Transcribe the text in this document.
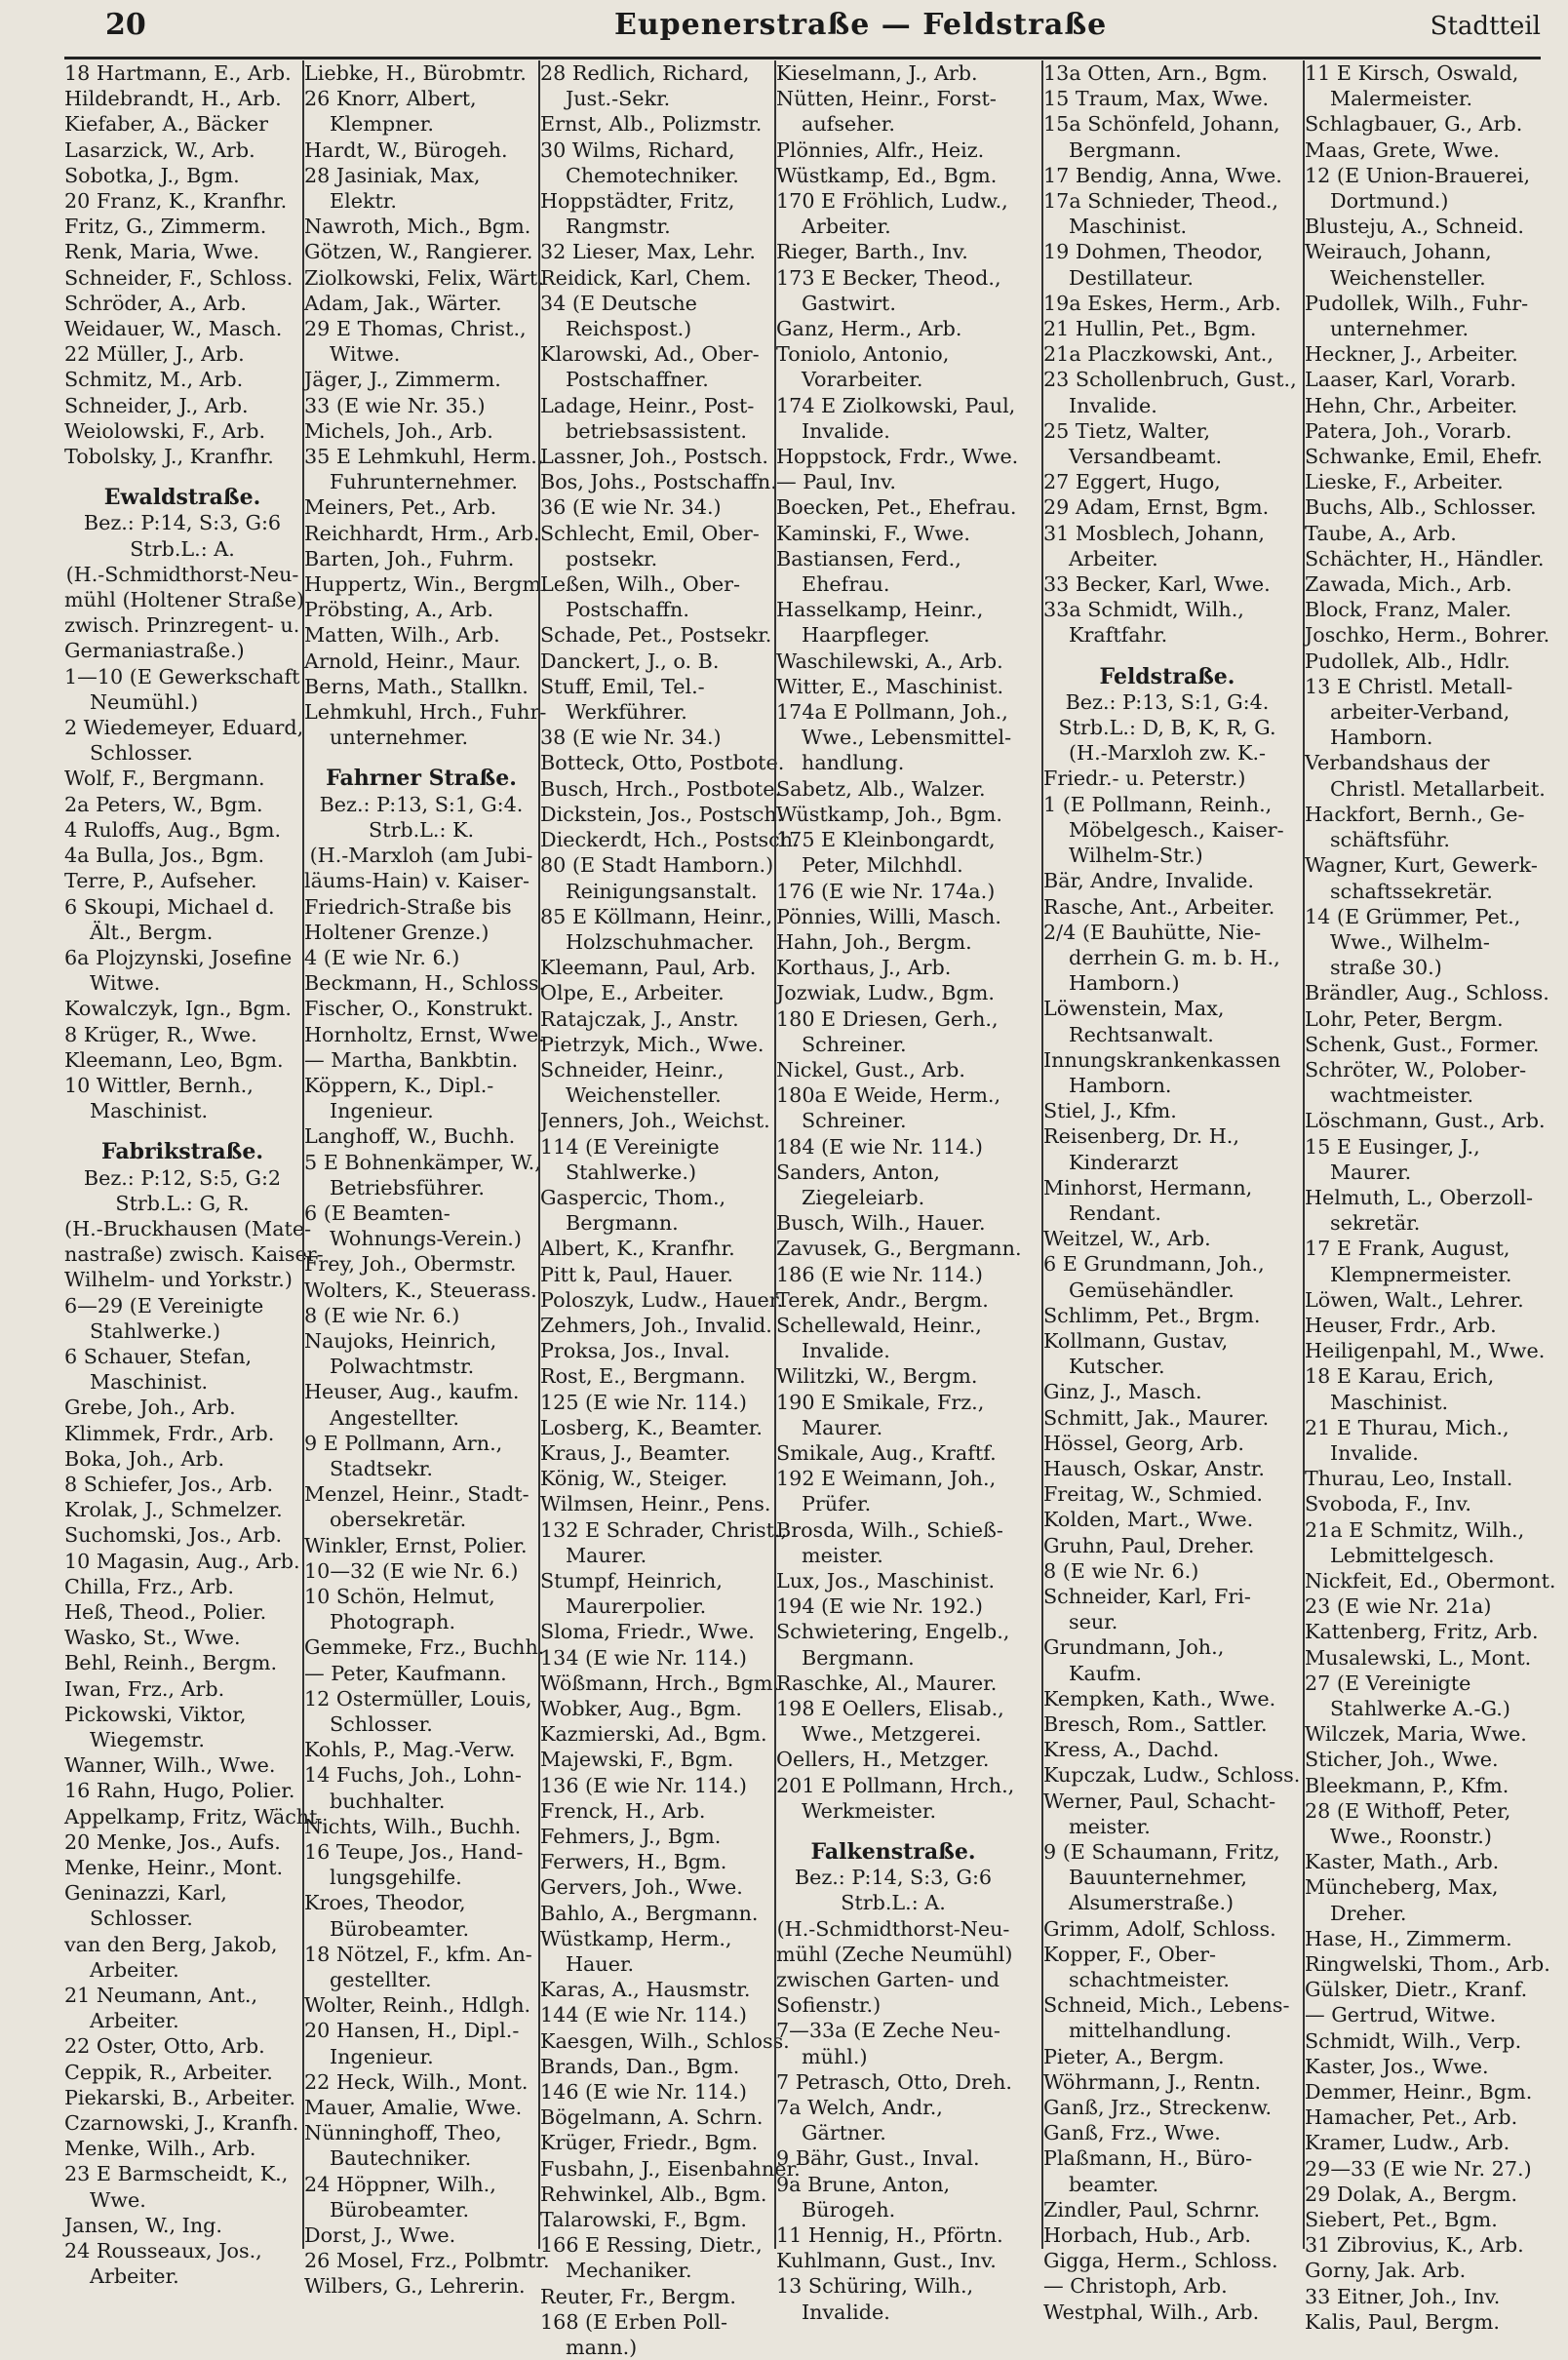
20	Eupenerstraße — Feldstraße	Stadtteil
18 Hartmann, E., Arb.
Hildebrandt, H., Arb.
Kiefaber, A., Bäcker
Lasarzick, W., Arb.
Sobotka, J., Bgm.
20 Franz, K., Kranfhr.
Fritz, G., Zimmerm.
Renk, Maria, Wwe.
Schneider, F., Schloss.
Schröder, A., Arb.
Weidauer, W., Masch.
22 Müller, J., Arb.
Schmitz, M., Arb.
Schneider, J., Arb.
Weiolowski, F., Arb.
Tobolsky, J., Kranfhr.
Ewaldstraße.
Bez.: P:14, S:3, G:6
Strb.L.: A.
(H.-Schmidthorst-Neu-
mühl (Holtener Straße)
zwisch. Prinzregent- u.
Germaniastraße.)
1—10 (E Gewerkschaft
Neumühl.)
2 Wiedemeyer, Eduard,
Schlosser.
Wolf, F., Bergmann.
2a Peters, W., Bgm.
4 Ruloffs, Aug., Bgm.
4a Bulla, Jos., Bgm.
Terre, P., Aufseher.
6 Skoupi, Michael d.
Ält., Bergm.
6a Plojzynski, Josefine
Witwe.
Kowalczyk, Ign., Bgm.
8 Krüger, R., Wwe.
Kleemann, Leo, Bgm.
10 Wittler, Bernh.,
Maschinist.
Fabrikstraße.
Bez.: P:12, S:5, G:2
Strb.L.: G, R.
(H.-Bruckhausen (Mate-
nastraße) zwisch. Kaiser-
Wilhelm- und Yorkstr.)
6—29 (E Vereinigte
Stahlwerke.)
6 Schauer, Stefan,
Maschinist.
Grebe, Joh., Arb.
Klimmek, Frdr., Arb.
Boka, Joh., Arb.
8 Schiefer, Jos., Arb.
Krolak, J., Schmelzer.
Suchomski, Jos., Arb.
10 Magasin, Aug., Arb.
Chilla, Frz., Arb.
Heß, Theod., Polier.
Wasko, St., Wwe.
Behl, Reinh., Bergm.
Iwan, Frz., Arb.
Pickowski, Viktor,
Wiegemstr.
Wanner, Wilh., Wwe.
16 Rahn, Hugo, Polier.
Appelkamp, Fritz, Wächt.
20 Menke, Jos., Aufs.
Menke, Heinr., Mont.
Geninazzi, Karl,
Schlosser.
van den Berg, Jakob,
Arbeiter.
21 Neumann, Ant.,
Arbeiter.
22 Oster, Otto, Arb.
Ceppik, R., Arbeiter.
Piekarski, B., Arbeiter.
Czarnowski, J., Kranfh.
Menke, Wilh., Arb.
23 E Barmscheidt, K.,
Wwe.
Jansen, W., Ing.
24 Rousseaux, Jos.,
Arbeiter.
Liebke, H., Bürobmtr.
26 Knorr, Albert,
Klempner.
Hardt, W., Bürogeh.
28 Jasiniak, Max,
Elektr.
Nawroth, Mich., Bgm.
Götzen, W., Rangierer.
Ziolkowski, Felix, Wärt.
Adam, Jak., Wärter.
29 E Thomas, Christ.,
Witwe.
Jäger, J., Zimmerm.
33 (E wie Nr. 35.)
Michels, Joh., Arb.
35 E Lehmkuhl, Herm.,
Fuhrunternehmer.
Meiners, Pet., Arb.
Reichhardt, Hrm., Arb.
Barten, Joh., Fuhrm.
Huppertz, Win., Bergm.
Pröbsting, A., Arb.
Matten, Wilh., Arb.
Arnold, Heinr., Maur.
Berns, Math., Stallkn.
Lehmkuhl, Hrch., Fuhr-
unternehmer.
Fahrner Straße.
Bez.: P:13, S:1, G:4.
Strb.L.: K.
(H.-Marxloh (am Jubi-
läums-Hain) v. Kaiser-
Friedrich-Straße bis
Holtener Grenze.)
4 (E wie Nr. 6.)
Beckmann, H., Schloss.
Fischer, O., Konstrukt.
Hornholtz, Ernst, Wwe.
— Martha, Bankbtin.
Köppern, K., Dipl.-
Ingenieur.
Langhoff, W., Buchh.
5 E Bohnenkämper, W.,
Betriebsführer.
6 (E Beamten-
Wohnungs-Verein.)
Frey, Joh., Obermstr.
Wolters, K., Steuerass.
8 (E wie Nr. 6.)
Naujoks, Heinrich,
Polwachtmstr.
Heuser, Aug., kaufm.
Angestellter.
9 E Pollmann, Arn.,
Stadtsekr.
Menzel, Heinr., Stadt-
obersekretär.
Winkler, Ernst, Polier.
10—32 (E wie Nr. 6.)
10 Schön, Helmut,
Photograph.
Gemmeke, Frz., Buchh.
— Peter, Kaufmann.
12 Ostermüller, Louis,
Schlosser.
Kohls, P., Mag.-Verw.
14 Fuchs, Joh., Lohn-
buchhalter.
Nichts, Wilh., Buchh.
16 Teupe, Jos., Hand-
lungsgehilfe.
Kroes, Theodor,
Bürobeamter.
18 Nötzel, F., kfm. An-
gestellter.
Wolter, Reinh., Hdlgh.
20 Hansen, H., Dipl.-
Ingenieur.
22 Heck, Wilh., Mont.
Mauer, Amalie, Wwe.
Nünninghoff, Theo,
Bautechniker.
24 Höppner, Wilh.,
Bürobeamter.
Dorst, J., Wwe.
26 Mosel, Frz., Polbmtr.
Wilbers, G., Lehrerin.
28 Redlich, Richard,
Just.-Sekr.
Ernst, Alb., Polizmstr.
30 Wilms, Richard,
Chemotechniker.
Hoppstädter, Fritz,
Rangmstr.
32 Lieser, Max, Lehr.
Reidick, Karl, Chem.
34 (E Deutsche
Reichspost.)
Klarowski, Ad., Ober-
Postschaffner.
Ladage, Heinr., Post-
betriebsassistent.
Lassner, Joh., Postsch.
Bos, Johs., Postschaffn.
36 (E wie Nr. 34.)
Schlecht, Emil, Ober-
postsekr.
Leßen, Wilh., Ober-
Postschaffn.
Schade, Pet., Postsekr.
Danckert, J., o. B.
Stuff, Emil, Tel.-
Werkführer.
38 (E wie Nr. 34.)
Botteck, Otto, Postbote.
Busch, Hrch., Postbote.
Dickstein, Jos., Postsch.
Dieckerdt, Hch., Postsch.
80 (E Stadt Hamborn.)
Reinigungsanstalt.
85 E Köllmann, Heinr.,
Holzschuhmacher.
Kleemann, Paul, Arb.
Olpe, E., Arbeiter.
Ratajczak, J., Anstr.
Pietrzyk, Mich., Wwe.
Schneider, Heinr.,
Weichensteller.
Jenners, Joh., Weichst.
114 (E Vereinigte
Stahlwerke.)
Gaspercic, Thom.,
Bergmann.
Albert, K., Kranfhr.
Pitt k, Paul, Hauer.
Poloszyk, Ludw., Hauer.
Zehmers, Joh., Invalid.
Proksa, Jos., Inval.
Rost, E., Bergmann.
125 (E wie Nr. 114.)
Losberg, K., Beamter.
Kraus, J., Beamter.
König, W., Steiger.
Wilmsen, Heinr., Pens.
132 E Schrader, Christ.,
Maurer.
Stumpf, Heinrich,
Maurerpolier.
Sloma, Friedr., Wwe.
134 (E wie Nr. 114.)
Wößmann, Hrch., Bgm.
Wobker, Aug., Bgm.
Kazmierski, Ad., Bgm.
Majewski, F., Bgm.
136 (E wie Nr. 114.)
Frenck, H., Arb.
Fehmers, J., Bgm.
Ferwers, H., Bgm.
Gervers, Joh., Wwe.
Bahlo, A., Bergmann.
Wüstkamp, Herm.,
Hauer.
Karas, A., Hausmstr.
144 (E wie Nr. 114.)
Kaesgen, Wilh., Schloss.
Brands, Dan., Bgm.
146 (E wie Nr. 114.)
Bögelmann, A. Schrn.
Krüger, Friedr., Bgm.
Fusbahn, J., Eisenbahner.
Rehwinkel, Alb., Bgm.
Talarowski, F., Bgm.
166 E Ressing, Dietr.,
Mechaniker.
Reuter, Fr., Bergm.
168 (E Erben Poll-
mann.)
Kieselmann, J., Arb.
Nütten, Heinr., Forst-
aufseher.
Plönnies, Alfr., Heiz.
Wüstkamp, Ed., Bgm.
170 E Fröhlich, Ludw.,
Arbeiter.
Rieger, Barth., Inv.
173 E Becker, Theod.,
Gastwirt.
Ganz, Herm., Arb.
Toniolo, Antonio,
Vorarbeiter.
174 E Ziolkowski, Paul,
Invalide.
Hoppstock, Frdr., Wwe.
— Paul, Inv.
Boecken, Pet., Ehefrau.
Kaminski, F., Wwe.
Bastiansen, Ferd.,
Ehefrau.
Hasselkamp, Heinr.,
Haarpfleger.
Waschilewski, A., Arb.
Witter, E., Maschinist.
174a E Pollmann, Joh.,
Wwe., Lebensmittel-
handlung.
Sabetz, Alb., Walzer.
Wüstkamp, Joh., Bgm.
175 E Kleinbongardt,
Peter, Milchhdl.
176 (E wie Nr. 174a.)
Pönnies, Willi, Masch.
Hahn, Joh., Bergm.
Korthaus, J., Arb.
Jozwiak, Ludw., Bgm.
180 E Driesen, Gerh.,
Schreiner.
Nickel, Gust., Arb.
180a E Weide, Herm.,
Schreiner.
184 (E wie Nr. 114.)
Sanders, Anton,
Ziegeleiarb.
Busch, Wilh., Hauer.
Zavusek, G., Bergmann.
186 (E wie Nr. 114.)
Terek, Andr., Bergm.
Schellewald, Heinr.,
Invalide.
Wilitzki, W., Bergm.
190 E Smikale, Frz.,
Maurer.
Smikale, Aug., Kraftf.
192 E Weimann, Joh.,
Prüfer.
Brosda, Wilh., Schieß-
meister.
Lux, Jos., Maschinist.
194 (E wie Nr. 192.)
Schwietering, Engelb.,
Bergmann.
Raschke, Al., Maurer.
198 E Oellers, Elisab.,
Wwe., Metzgerei.
Oellers, H., Metzger.
201 E Pollmann, Hrch.,
Werkmeister.
Falkenstraße.
Bez.: P:14, S:3, G:6
Strb.L.: A.
(H.-Schmidthorst-Neu-
mühl (Zeche Neumühl)
zwischen Garten- und
Sofienstr.)
7—33a (E Zeche Neu-
mühl.)
7 Petrasch, Otto, Dreh.
7a Welch, Andr.,
Gärtner.
9 Bähr, Gust., Inval.
9a Brune, Anton,
Bürogeh.
11 Hennig, H., Pförtn.
Kuhlmann, Gust., Inv.
13 Schüring, Wilh.,
Invalide.
13a Otten, Arn., Bgm.
15 Traum, Max, Wwe.
15a Schönfeld, Johann,
Bergmann.
17 Bendig, Anna, Wwe.
17a Schnieder, Theod.,
Maschinist.
19 Dohmen, Theodor,
Destillateur.
19a Eskes, Herm., Arb.
21 Hullin, Pet., Bgm.
21a Placzkowski, Ant.,
23 Schollenbruch, Gust.,
Invalide.
25 Tietz, Walter,
Versandbeamt.
27 Eggert, Hugo,
29 Adam, Ernst, Bgm.
31 Mosblech, Johann,
Arbeiter.
33 Becker, Karl, Wwe.
33a Schmidt, Wilh.,
Kraftfahr.
Feldstraße.
Bez.: P:13, S:1, G:4.
Strb.L.: D, B, K, R, G.
(H.-Marxloh zw. K.-
Friedr.- u. Peterstr.)
1 (E Pollmann, Reinh.,
Möbelgesch., Kaiser-
Wilhelm-Str.)
Bär, Andre, Invalide.
Rasche, Ant., Arbeiter.
2/4 (E Bauhütte, Nie-
derrhein G. m. b. H.,
Hamborn.)
Löwenstein, Max,
Rechtsanwalt.
Innungskrankenkassen
Hamborn.
Stiel, J., Kfm.
Reisenberg, Dr. H.,
Kinderarzt
Minhorst, Hermann,
Rendant.
Weitzel, W., Arb.
6 E Grundmann, Joh.,
Gemüsehändler.
Schlimm, Pet., Brgm.
Kollmann, Gustav,
Kutscher.
Ginz, J., Masch.
Schmitt, Jak., Maurer.
Hössel, Georg, Arb.
Hausch, Oskar, Anstr.
Freitag, W., Schmied.
Kolden, Mart., Wwe.
Gruhn, Paul, Dreher.
8 (E wie Nr. 6.)
Schneider, Karl, Fri-
seur.
Grundmann, Joh.,
Kaufm.
Kempken, Kath., Wwe.
Bresch, Rom., Sattler.
Kress, A., Dachd.
Kupczak, Ludw., Schloss.
Werner, Paul, Schacht-
meister.
9 (E Schaumann, Fritz,
Bauunternehmer,
Alsumerstraße.)
Grimm, Adolf, Schloss.
Kopper, F., Ober-
schachtmeister.
Schneid, Mich., Lebens-
mittelhandlung.
Pieter, A., Bergm.
Wöhrmann, J., Rentn.
Ganß, Jrz., Streckenw.
Ganß, Frz., Wwe.
Plaßmann, H., Büro-
beamter.
Zindler, Paul, Schrnr.
Horbach, Hub., Arb.
Gigga, Herm., Schloss.
— Christoph, Arb.
Westphal, Wilh., Arb.
11 E Kirsch, Oswald,
Malermeister.
Schlagbauer, G., Arb.
Maas, Grete, Wwe.
12 (E Union-Brauerei,
Dortmund.)
Blusteju, A., Schneid.
Weirauch, Johann,
Weichensteller.
Pudollek, Wilh., Fuhr-
unternehmer.
Heckner, J., Arbeiter.
Laaser, Karl, Vorarb.
Hehn, Chr., Arbeiter.
Patera, Joh., Vorarb.
Schwanke, Emil, Ehefr.
Lieske, F., Arbeiter.
Buchs, Alb., Schlosser.
Taube, A., Arb.
Schächter, H., Händler.
Zawada, Mich., Arb.
Block, Franz, Maler.
Joschko, Herm., Bohrer.
Pudollek, Alb., Hdlr.
13 E Christl. Metall-
arbeiter-Verband,
Hamborn.
Verbandshaus der
Christl. Metallarbeit.
Hackfort, Bernh., Ge-
schäftsführ.
Wagner, Kurt, Gewerk-
schaftssekretär.
14 (E Grümmer, Pet.,
Wwe., Wilhelm-
straße 30.)
Brändler, Aug., Schloss.
Lohr, Peter, Bergm.
Schenk, Gust., Former.
Schröter, W., Polober-
wachtmeister.
Löschmann, Gust., Arb.
15 E Eusinger, J.,
Maurer.
Helmuth, L., Oberzoll-
sekretär.
17 E Frank, August,
Klempnermeister.
Löwen, Walt., Lehrer.
Heuser, Frdr., Arb.
Heiligenpahl, M., Wwe.
18 E Karau, Erich,
Maschinist.
21 E Thurau, Mich.,
Invalide.
Thurau, Leo, Install.
Svoboda, F., Inv.
21a E Schmitz, Wilh.,
Lebmittelgesch.
Nickfeit, Ed., Obermont.
23 (E wie Nr. 21a)
Kattenberg, Fritz, Arb.
Musalewski, L., Mont.
27 (E Vereinigte
Stahlwerke A.-G.)
Wilczek, Maria, Wwe.
Sticher, Joh., Wwe.
Bleekmann, P., Kfm.
28 (E Withoff, Peter,
Wwe., Roonstr.)
Kaster, Math., Arb.
Müncheberg, Max,
Dreher.
Hase, H., Zimmerm.
Ringwelski, Thom., Arb.
Gülsker, Dietr., Kranf.
— Gertrud, Witwe.
Schmidt, Wilh., Verp.
Kaster, Jos., Wwe.
Demmer, Heinr., Bgm.
Hamacher, Pet., Arb.
Kramer, Ludw., Arb.
29—33 (E wie Nr. 27.)
29 Dolak, A., Bergm.
Siebert, Pet., Bgm.
31 Zibrovius, K., Arb.
Gorny, Jak. Arb.
33 Eitner, Joh., Inv.
Kalis, Paul, Bergm.
